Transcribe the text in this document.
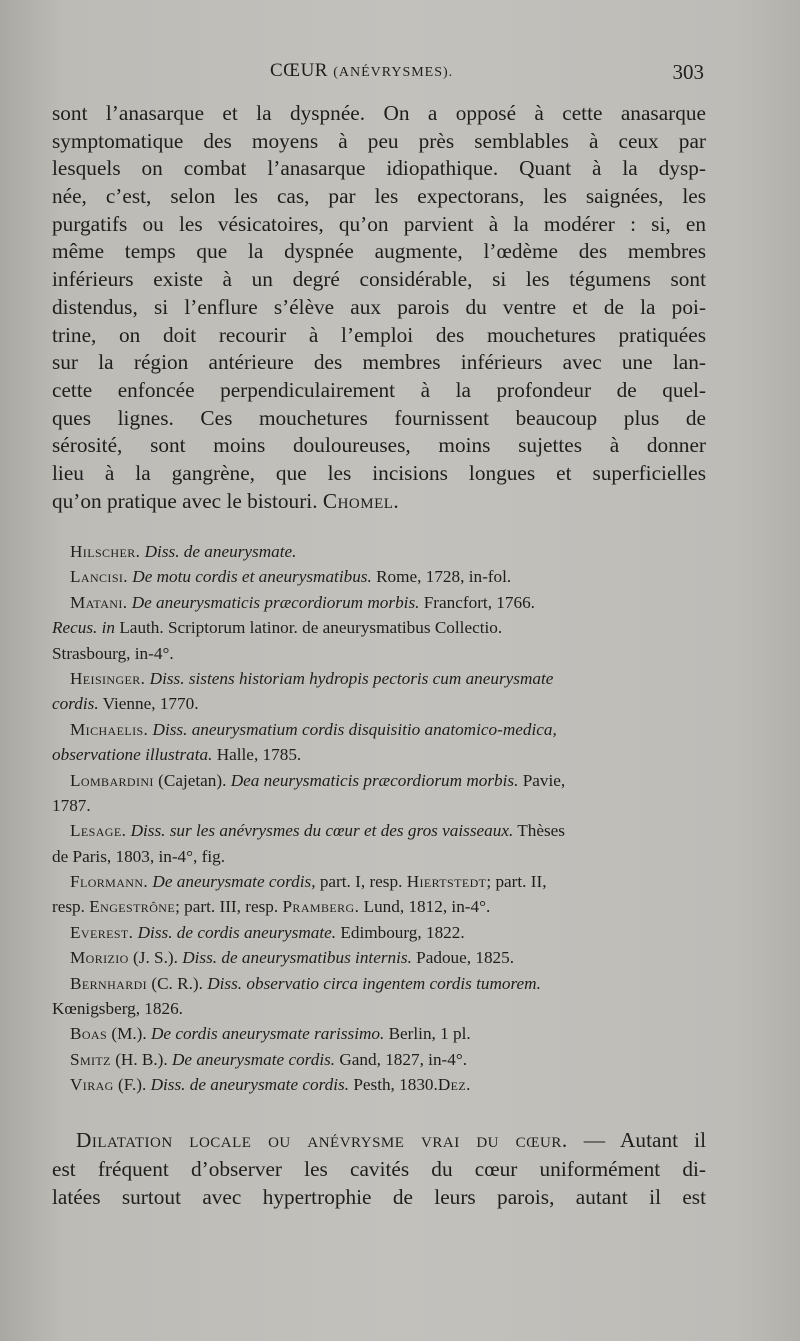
CŒUR (ANÉVRYSMES).	303
sont l’anasarque et la dyspnée. On a opposé à cette anasarque
symptomatique des moyens à peu près semblables à ceux par
lesquels on combat l’anasarque idiopathique. Quant à la dysp-
née, c’est, selon les cas, par les expectorans, les saignées, les
purgatifs ou les vésicatoires, qu’on parvient à la modérer : si, en
même temps que la dyspnée augmente, l’œdème des membres
inférieurs existe à un degré considérable, si les tégumens sont
distendus, si l’enflure s’élève aux parois du ventre et de la poi-
trine, on doit recourir à l’emploi des mouchetures pratiquées
sur la région antérieure des membres inférieurs avec une lan-
cette enfoncée perpendiculairement à la profondeur de quel-
ques lignes. Ces mouchetures fournissent beaucoup plus de
sérosité, sont moins douloureuses, moins sujettes à donner
lieu à la gangrène, que les incisions longues et superficielles
qu’on pratique avec le bistouri. Chomel.
Hilscher. Diss. de aneurysmate.
Lancisi. De motu cordis et aneurysmatibus. Rome, 1728, in-fol.
Matani. De aneurysmaticis præcordiorum morbis. Francfort, 1766.
Recus. in Lauth. Scriptorum latinor. de aneurysmatibus Collectio.
Strasbourg, in-4°.
Heisinger. Diss. sistens historiam hydropis pectoris cum aneurysmate
cordis. Vienne, 1770.
Michaelis. Diss. aneurysmatium cordis disquisitio anatomico-medica,
observatione illustrata. Halle, 1785.
Lombardini (Cajetan). Dea neurysmaticis præcordiorum morbis. Pavie,
1787.
Lesage. Diss. sur les anévrysmes du cœur et des gros vaisseaux. Thèses
de Paris, 1803, in-4°, fig.
Flormann. De aneurysmate cordis, part. I, resp. Hiertstedt; part. II,
resp. Engestrône; part. III, resp. Pramberg. Lund, 1812, in-4°.
Everest. Diss. de cordis aneurysmate. Edimbourg, 1822.
Morizio (J. S.). Diss. de aneurysmatibus internis. Padoue, 1825.
Bernhardi (C. R.). Diss. observatio circa ingentem cordis tumorem.
Kœnigsberg, 1826.
Boas (M.). De cordis aneurysmate rarissimo. Berlin, 1 pl.
Smitz (H. B.). De aneurysmate cordis. Gand, 1827, in-4°.
Virag (F.). Diss. de aneurysmate cordis. Pesth, 1830.Dez.
Dilatation locale ou anévrysme vrai du cœur. — Autant il
est fréquent d’observer les cavités du cœur uniformément di-
latées surtout avec hypertrophie de leurs parois, autant il est
